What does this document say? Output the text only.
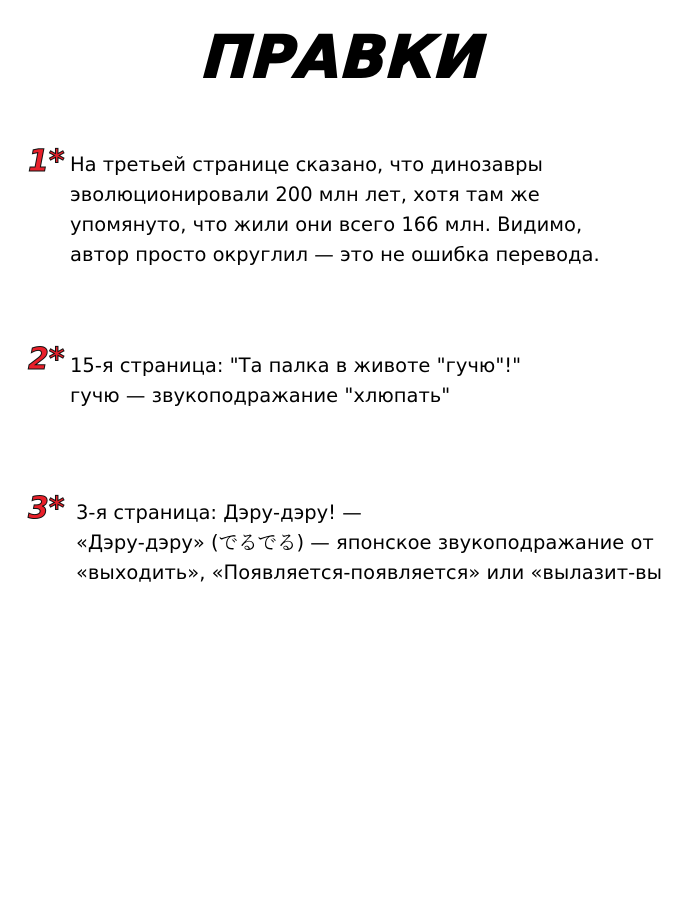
ПРАВКИ
1* На третьей странице сказано, что динозавры
эволюционировали 200 млн лет, хотя там же
упомянуто, что жили они всего 166 млн. Видимо,
автор просто округлил — это не ошибка перевода.
2* 15-я страница: "Та палка в животе "гучю"!"
гучю — звукоподражание "хлюпать"
3* 3-я страница: Дэру-дэру! —
«Дэру-дэру» (でるでる) — японское звукоподражание от
«выходить», «Появляется-появляется» или «вылазит-вы
